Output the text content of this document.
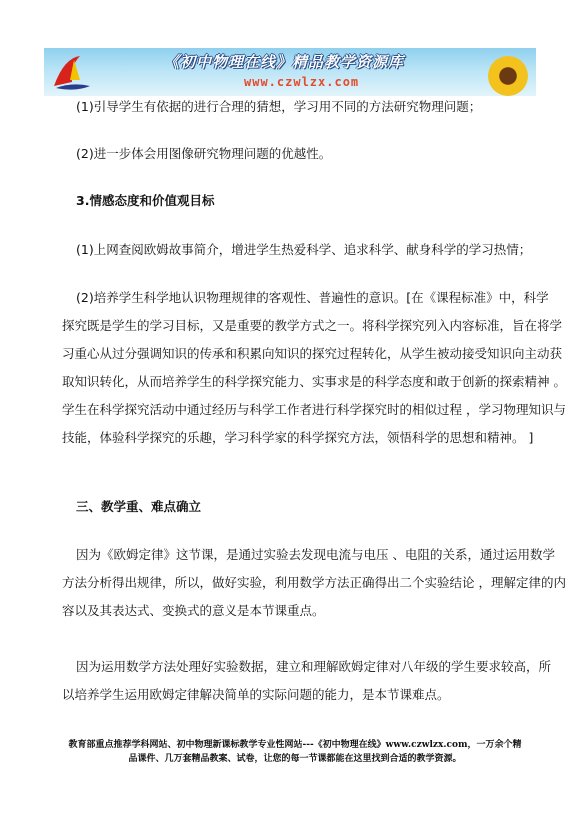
《初中物理在线》精品教学资源库
www.czwlzx.com

(1)引导学生有依据的进行合理的猜想，学习用不同的方法研究物理问题；

(2)进一步体会用图像研究物理问题的优越性。

3.情感态度和价值观目标

(1)上网查阅欧姆故事简介，增进学生热爱科学、追求科学、献身科学的学习热情；

(2)培养学生科学地认识物理规律的客观性、普遍性的意识。[在《课程标准》中，科学
探究既是学生的学习目标，又是重要的教学方式之一。将科学探究列入内容标准，旨在将学
习重心从过分强调知识的传承和积累向知识的探究过程转化，从学生被动接受知识向主动获
取知识转化，从而培养学生的科学探究能力、实事求是的科学态度和敢于创新的探索精神 。
学生在科学探究活动中通过经历与科学工作者进行科学探究时的相似过程 ，学习物理知识与
技能，体验科学探究的乐趣，学习科学家的科学探究方法，领悟科学的思想和精神。 ]

三、教学重、难点确立

因为《欧姆定律》这节课，是通过实验去发现电流与电压 、电阻的关系，通过运用数学
方法分析得出规律，所以，做好实验，利用数学方法正确得出二个实验结论 ，理解定律的内
容以及其表达式、变换式的意义是本节课重点。
因为运用数学方法处理好实验数据，建立和理解欧姆定律对八年级的学生要求较高，所
以培养学生运用欧姆定律解决简单的实际问题的能力，是本节课难点。
教育部重点推荐学科网站、初中物理新课标教学专业性网站---《初中物理在线》www.czwlzx.com，一万余个精
品课件、几万套精品教案、试卷，让您的每一节课都能在这里找到合适的教学资源。
